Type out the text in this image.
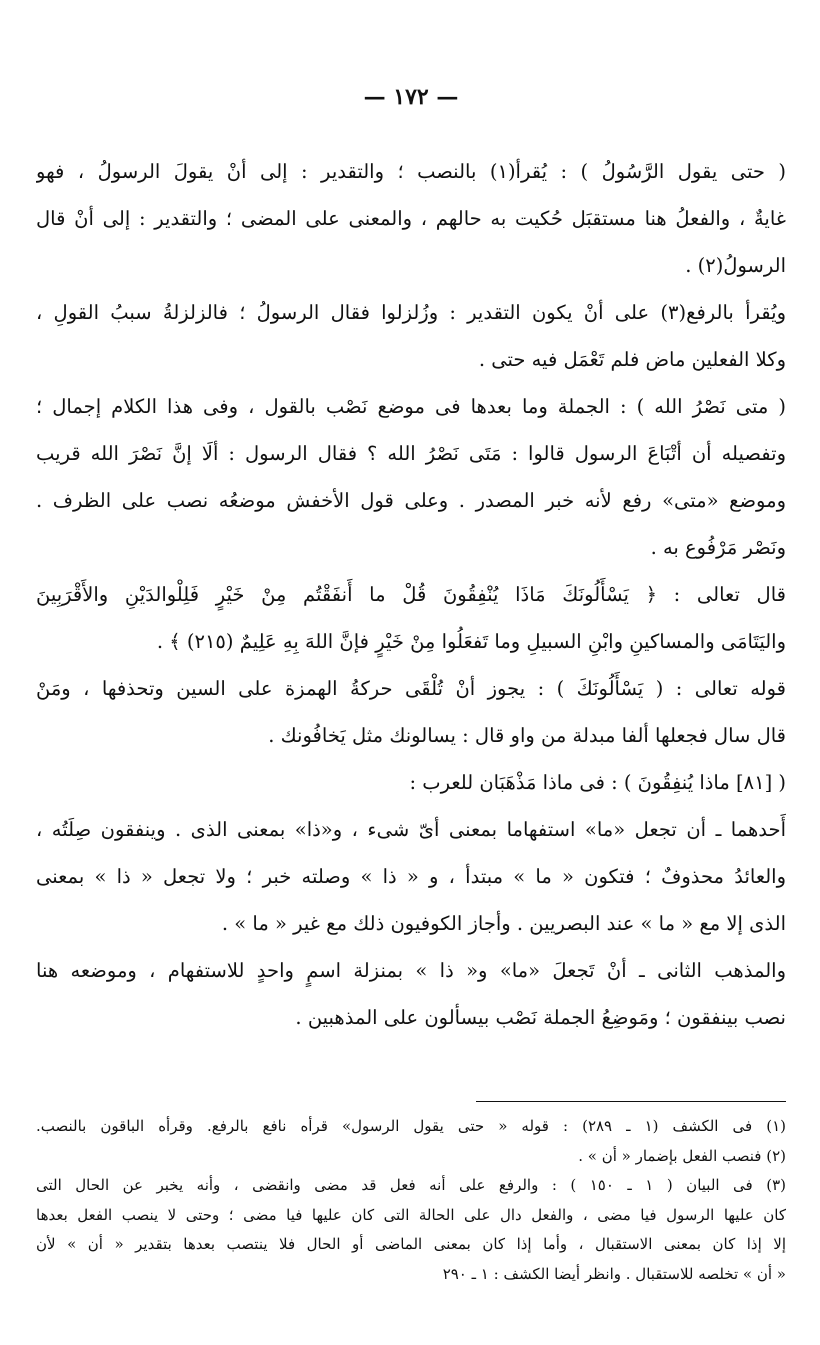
— ١٧٢ —
( حتى يقول الرَّسُولُ ) : يُقرأ(١) بالنصب ؛ والتقدير : إلى أنْ يقولَ الرسولُ ، فهو
غايةٌ ، والفعلُ هنا مستقبَل حُكيت به حالهم ، والمعنى على المضى ؛ والتقدير : إلى أنْ قال
الرسولُ(٢) .
ويُقرأ بالرفع(٣) على أنْ يكون التقدير : وزُلزلوا فقال الرسولُ ؛ فالزلزلةُ سببُ القولِ ،
وكلا الفعلين ماض فلم تَعْمَل فيه حتى .
( متى نَصْرُ الله ) : الجملة وما بعدها فى موضع نَصْب بالقول ، وفى هذا الكلام إجمال ؛
وتفصيله أن أتْبَاعَ الرسول قالوا : مَتَى نَصْرُ الله ؟ فقال الرسول : ألَا إنَّ نَصْرَ الله قريب
وموضع «متى» رفع لأنه خبر المصدر . وعلى قول الأخفش موضعُه نصب على الظرف .
ونَصْر مَرْفُوع به .
قال تعالى : ﴿ يَسْأَلُونَكَ مَاذَا يُنْفِقُونَ قُلْ ما أَنفَقْتُم مِنْ خَيْرٍ فَلِلْوالدَيْنِ والأَقْرَبِينَ
واليَتَامَى والمساكينِ وابْنِ السبيلِ وما تَفعَلُوا مِنْ خَيْرٍ فإنَّ اللهَ بِهِ عَلِيمٌ (٢١٥) ﴾ .
قوله تعالى : ( يَسْأَلُونَكَ ) : يجوز أنْ تُلْقَى حركةُ الهمزة على السين وتحذفها ، ومَنْ
قال سال فجعلها ألفا مبدلة من واو قال : يسالونك مثل يَخافُونك .
( [٨١] ماذا يُنفِقُونَ ) : فى ماذا مَذْهَبَان للعرب :
أَحدهما ـ أن تجعل «ما» استفهاما بمعنى أىّ شىء ، و«ذا» بمعنى الذى . وينفقون صِلَتُه ،
والعائدُ محذوفٌ ؛ فتكون « ما » مبتدأ ، و « ذا » وصلته خبر ؛ ولا تجعل « ذا » بمعنى
الذى إلا مع « ما » عند البصريين . وأجاز الكوفيون ذلك مع غير « ما » .
والمذهب الثانى ـ أنْ تَجعلَ «ما» و« ذا » بمنزلة اسمٍ واحدٍ للاستفهام ، وموضعه هنا
نصب بينفقون ؛ ومَوضِعُ الجملة نَصْب بيسألون على المذهبين .
(١) فى الكشف (١ ـ ٢٨٩) : قوله « حتى يقول الرسول» قرأه نافع بالرفع. وقرأه الباقون بالنصب.
(٢) فنصب الفعل بإضمار « أن » .
(٣) فى البيان ( ١ ـ ١٥٠ ) : والرفع على أنه فعل قد مضى وانقضى ، وأنه يخبر عن الحال التى
كان عليها الرسول فيا مضى ، والفعل دال على الحالة التى كان عليها فيا مضى ؛ وحتى لا ينصب الفعل بعدها
إلا إذا كان بمعنى الاستقبال ، وأما إذا كان بمعنى الماضى أو الحال فلا ينتصب بعدها بتقدير « أن » لأن
« أن » تخلصه للاستقبال . وانظر أيضا الكشف : ١ ـ ٢٩٠
